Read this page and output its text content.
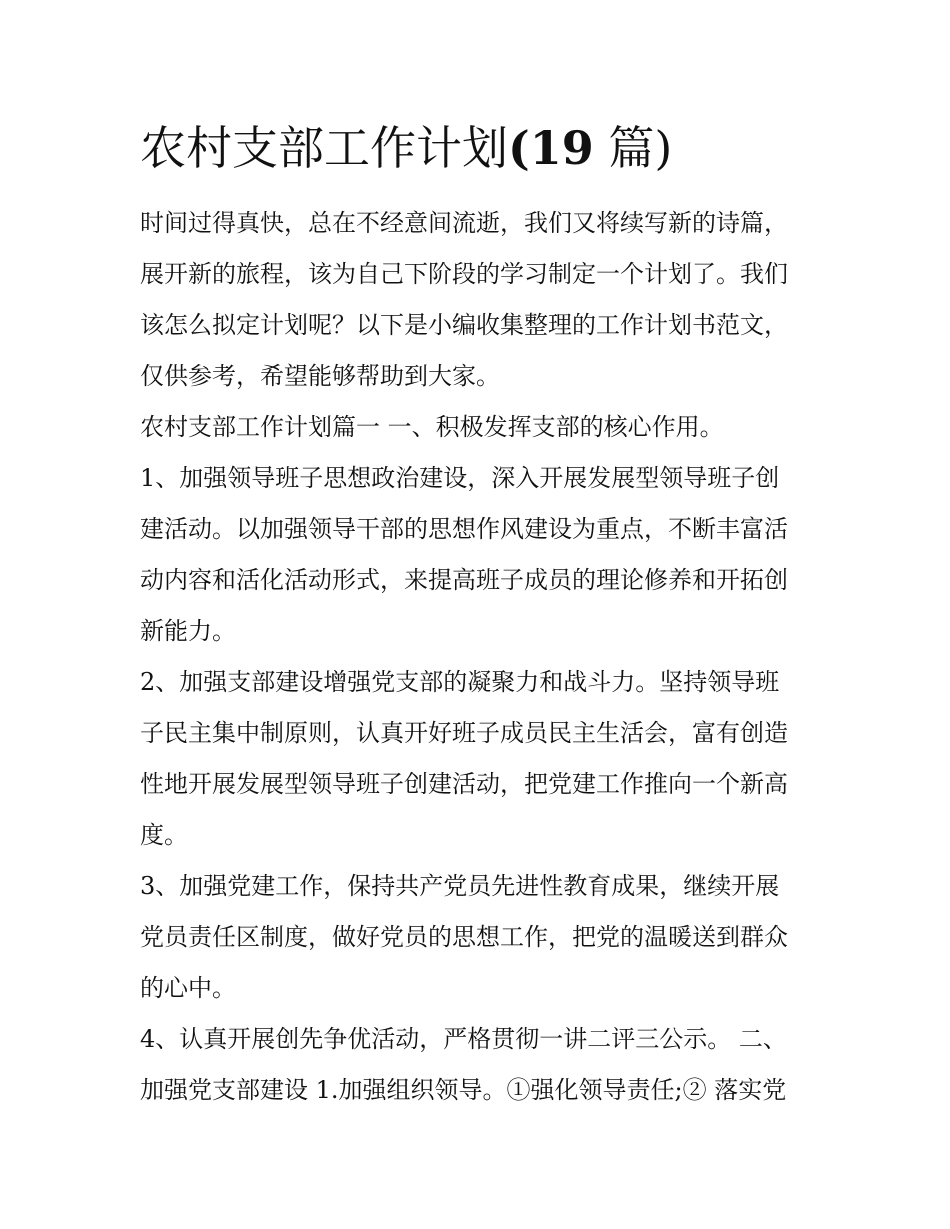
农村支部工作计划(19 篇)
时间过得真快，总在不经意间流逝，我们又将续写新的诗篇，
展开新的旅程，该为自己下阶段的学习制定一个计划了。我们
该怎么拟定计划呢？以下是小编收集整理的工作计划书范文，
仅供参考，希望能够帮助到大家。
农村支部工作计划篇一 一、积极发挥支部的核心作用。
1、加强领导班子思想政治建设，深入开展发展型领导班子创
建活动。以加强领导干部的思想作风建设为重点，不断丰富活
动内容和活化活动形式，来提高班子成员的理论修养和开拓创
新能力。
2、加强支部建设增强党支部的凝聚力和战斗力。坚持领导班
子民主集中制原则，认真开好班子成员民主生活会，富有创造
性地开展发展型领导班子创建活动，把党建工作推向一个新高
度。
3、加强党建工作，保持共产党员先进性教育成果，继续开展
党员责任区制度，做好党员的思想工作，把党的温暖送到群众
的心中。
4、认真开展创先争优活动，严格贯彻一讲二评三公示。 二、
加强党支部建设 1.加强组织领导。①强化领导责任;② 落实党
